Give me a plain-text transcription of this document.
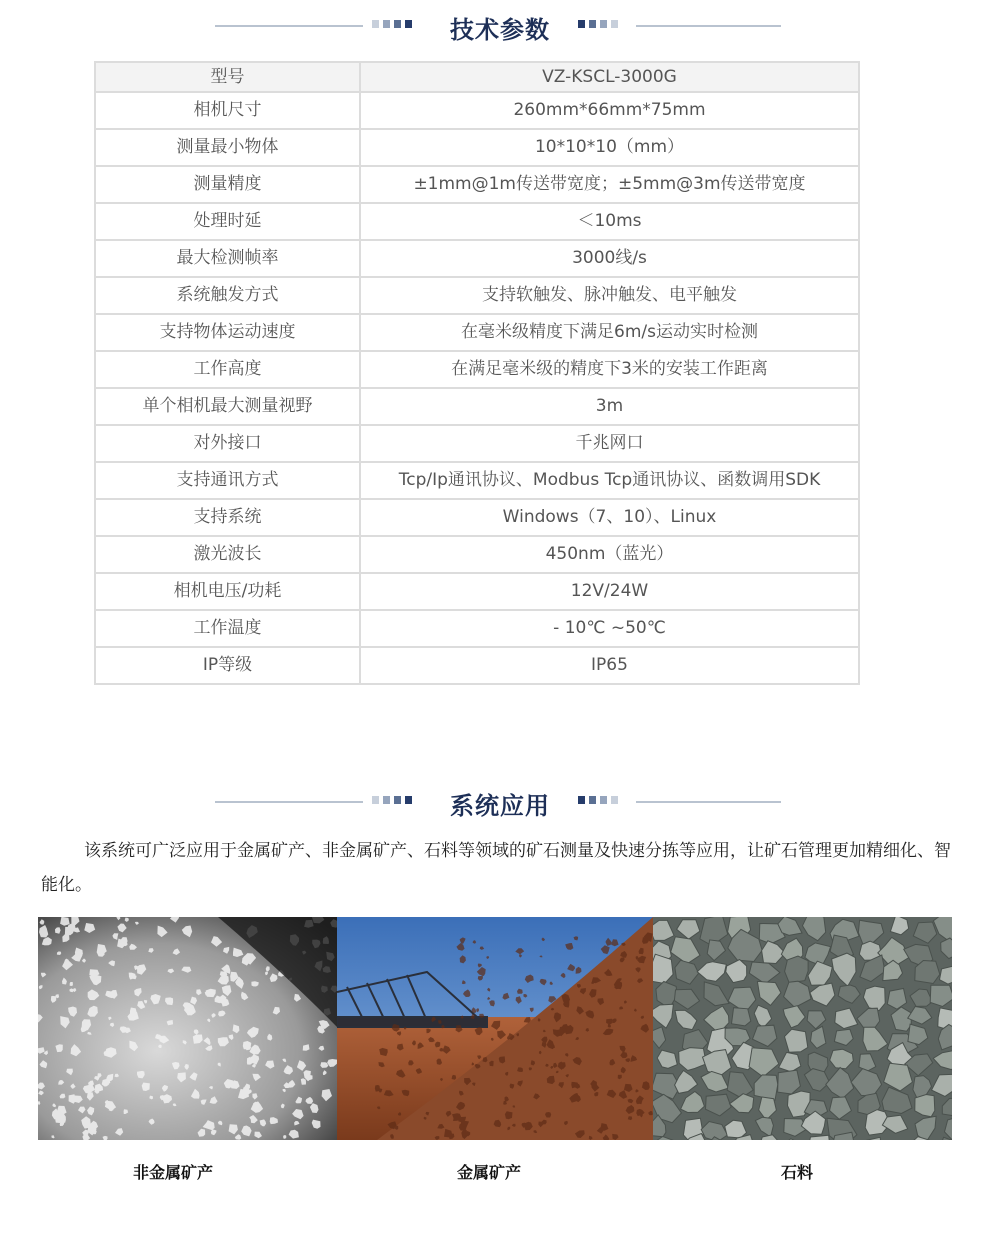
技术参数
型号	VZ-KSCL-3000G
相机尺寸	260mm*66mm*75mm
测量最小物体	10*10*10（mm）
测量精度	±1mm@1m传送带宽度；±5mm@3m传送带宽度
处理时延	＜10ms
最大检测帧率	3000线/s
系统触发方式	支持软触发、脉冲触发、电平触发
支持物体运动速度	在毫米级精度下满足6m/s运动实时检测
工作高度	在满足毫米级的精度下3米的安装工作距离
单个相机最大测量视野	3m
对外接口	千兆网口
支持通讯方式	Tcp/Ip通讯协议、Modbus Tcp通讯协议、函数调用SDK
支持系统	Windows（7、10）、Linux
激光波长	450nm（蓝光）
相机电压/功耗	12V/24W
工作温度	- 10℃ ~50℃
IP等级	IP65
系统应用

该系统可广泛应用于金属矿产、非金属矿产、石料等领域的矿石测量及快速分拣等应用，让矿石管理更加精细化、智能化。

非金属矿产	金属矿产	石料
